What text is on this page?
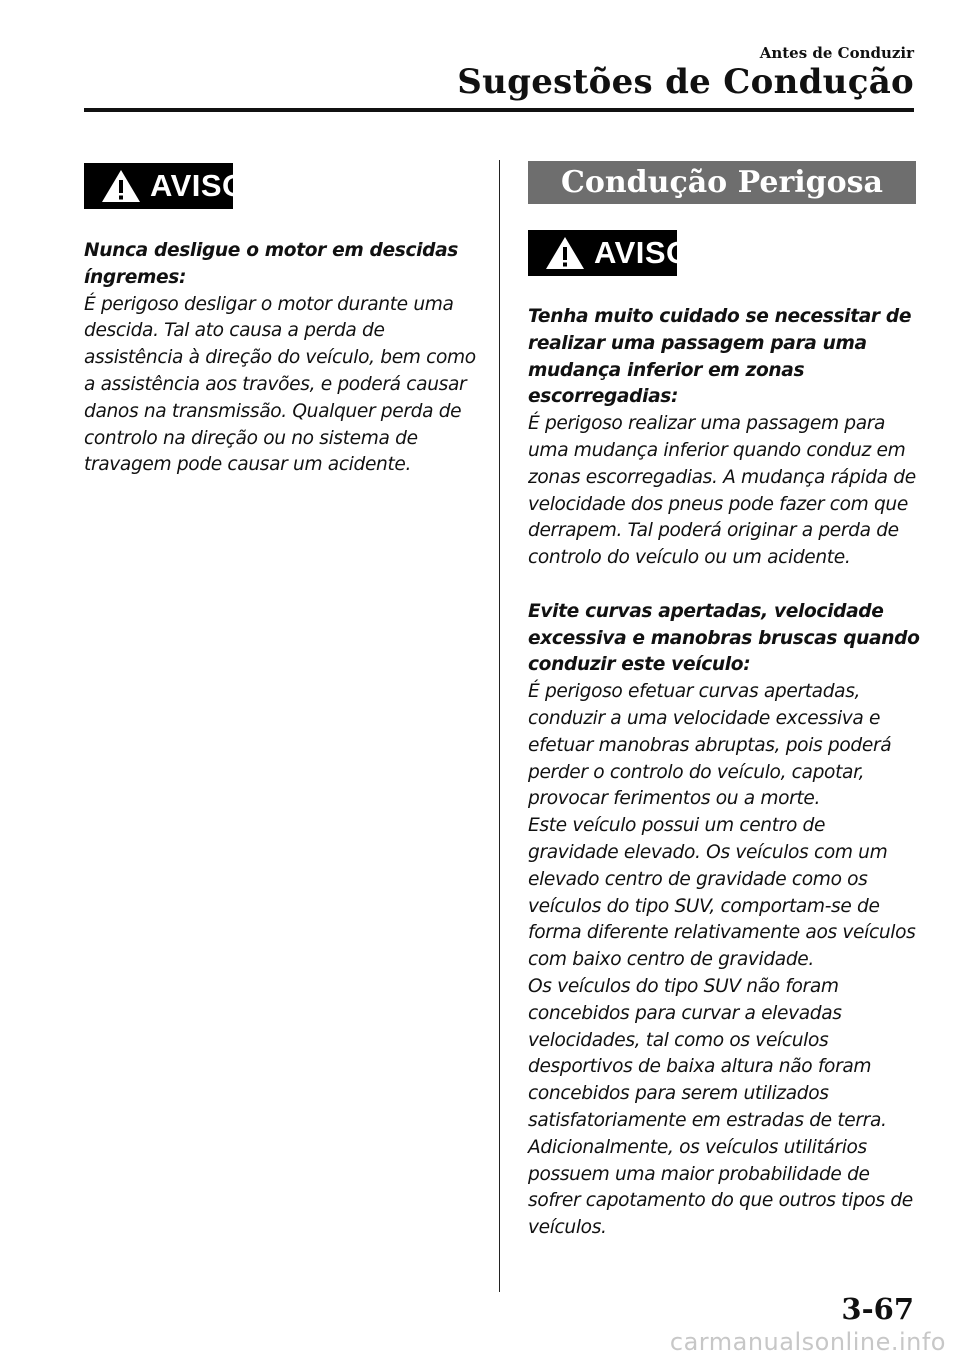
Antes de Conduzir
Sugestões de Condução
AVISO

Nunca desligue o motor em descidas íngremes:

É perigoso desligar o motor durante uma descida. Tal ato causa a perda de assistência à direção do veículo, bem como a assistência aos travões, e poderá causar danos na transmissão. Qualquer perda de controlo na direção ou no sistema de travagem pode causar um acidente.

Condução Perigosa
AVISO

Tenha muito cuidado se necessitar de realizar uma passagem para uma mudança inferior em zonas escorregadias:

É perigoso realizar uma passagem para uma mudança inferior quando conduz em zonas escorregadias. A mudança rápida de velocidade dos pneus pode fazer com que derrapem. Tal poderá originar a perda de controlo do veículo ou um acidente.

Evite curvas apertadas, velocidade excessiva e manobras bruscas quando conduzir este veículo:

É perigoso efetuar curvas apertadas, conduzir a uma velocidade excessiva e efetuar manobras abruptas, pois poderá perder o controlo do veículo, capotar, provocar ferimentos ou a morte.

Este veículo possui um centro de gravidade elevado. Os veículos com um elevado centro de gravidade como os veículos do tipo SUV, comportam-se de forma diferente relativamente aos veículos com baixo centro de gravidade.

Os veículos do tipo SUV não foram concebidos para curvar a elevadas velocidades, tal como os veículos desportivos de baixa altura não foram concebidos para serem utilizados satisfatoriamente em estradas de terra. Adicionalmente, os veículos utilitários possuem uma maior probabilidade de sofrer capotamento do que outros tipos de veículos.

3-67
carmanualsonline.info
